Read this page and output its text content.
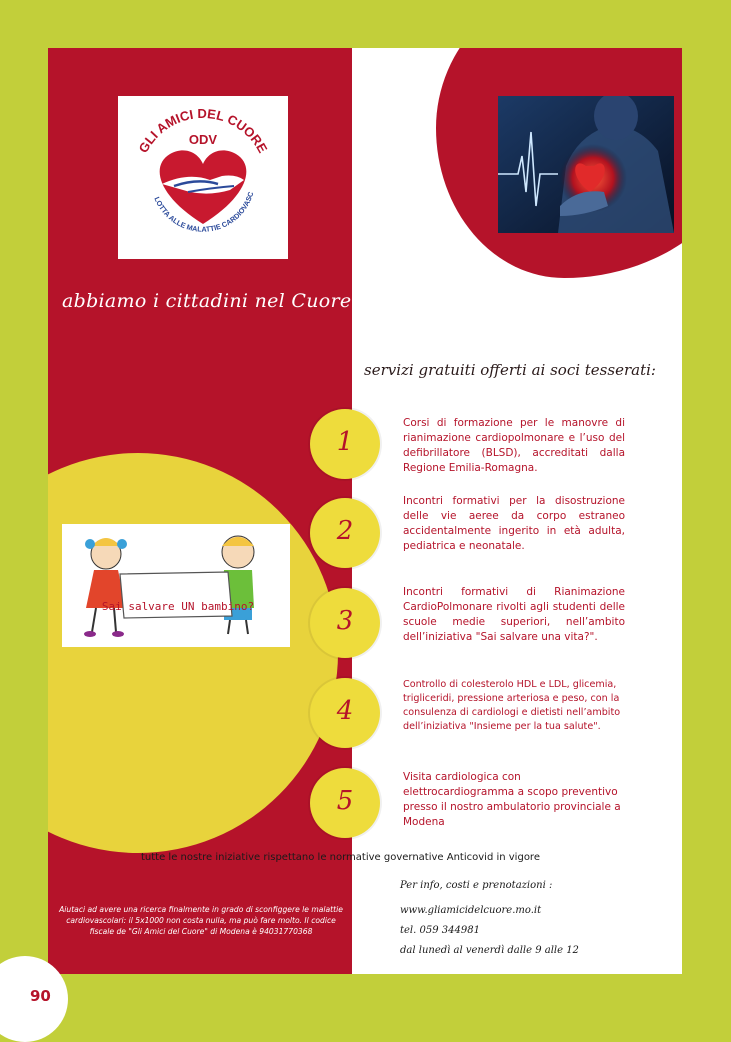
GLI AMICI DEL CUORE
ODV
LOTTA ALLE MALATTIE CARDIOVASC
abbiamo i cittadini nel Cuore
servizi gratuiti offerti ai soci tesserati:
Sai salvare UN bambino?
1
Corsi di formazione per le manovre di rianimazione cardiopolmonare e l’uso del defibrillatore (BLSD), accreditati dalla Regione Emilia-Romagna.
2
Incontri formativi per la disostruzione delle vie aeree da corpo estraneo accidentalmente ingerito in età adulta, pediatrica e neonatale.
3
Incontri formativi di Rianimazione CardioPolmonare rivolti agli studenti delle scuole medie superiori, nell’ambito dell’iniziativa "Sai salvare una vita?".
4
Controllo di colesterolo HDL e LDL, glicemia, trigliceridi, pressione arteriosa e peso, con la consulenza di cardiologi e dietisti nell’ambito dell’iniziativa "Insieme per la tua salute".
5
Visita cardiologica con elettrocardiogramma a scopo preventivo presso il nostro ambulatorio provinciale a Modena
tutte le nostre iniziative rispettano le normative governative Anticovid in vigore
Aiutaci ad avere una ricerca finalmente in grado di sconfiggere le malattie cardiovascolari: il 5x1000 non costa nulla, ma può fare molto. Il codice fiscale de "Gli Amici del Cuore" di Modena è 94031770368
Per info, costi e prenotazioni :
www.gliamicidelcuore.mo.it
tel. 059 344981
dal lunedì al venerdì dalle 9 alle 12
90
